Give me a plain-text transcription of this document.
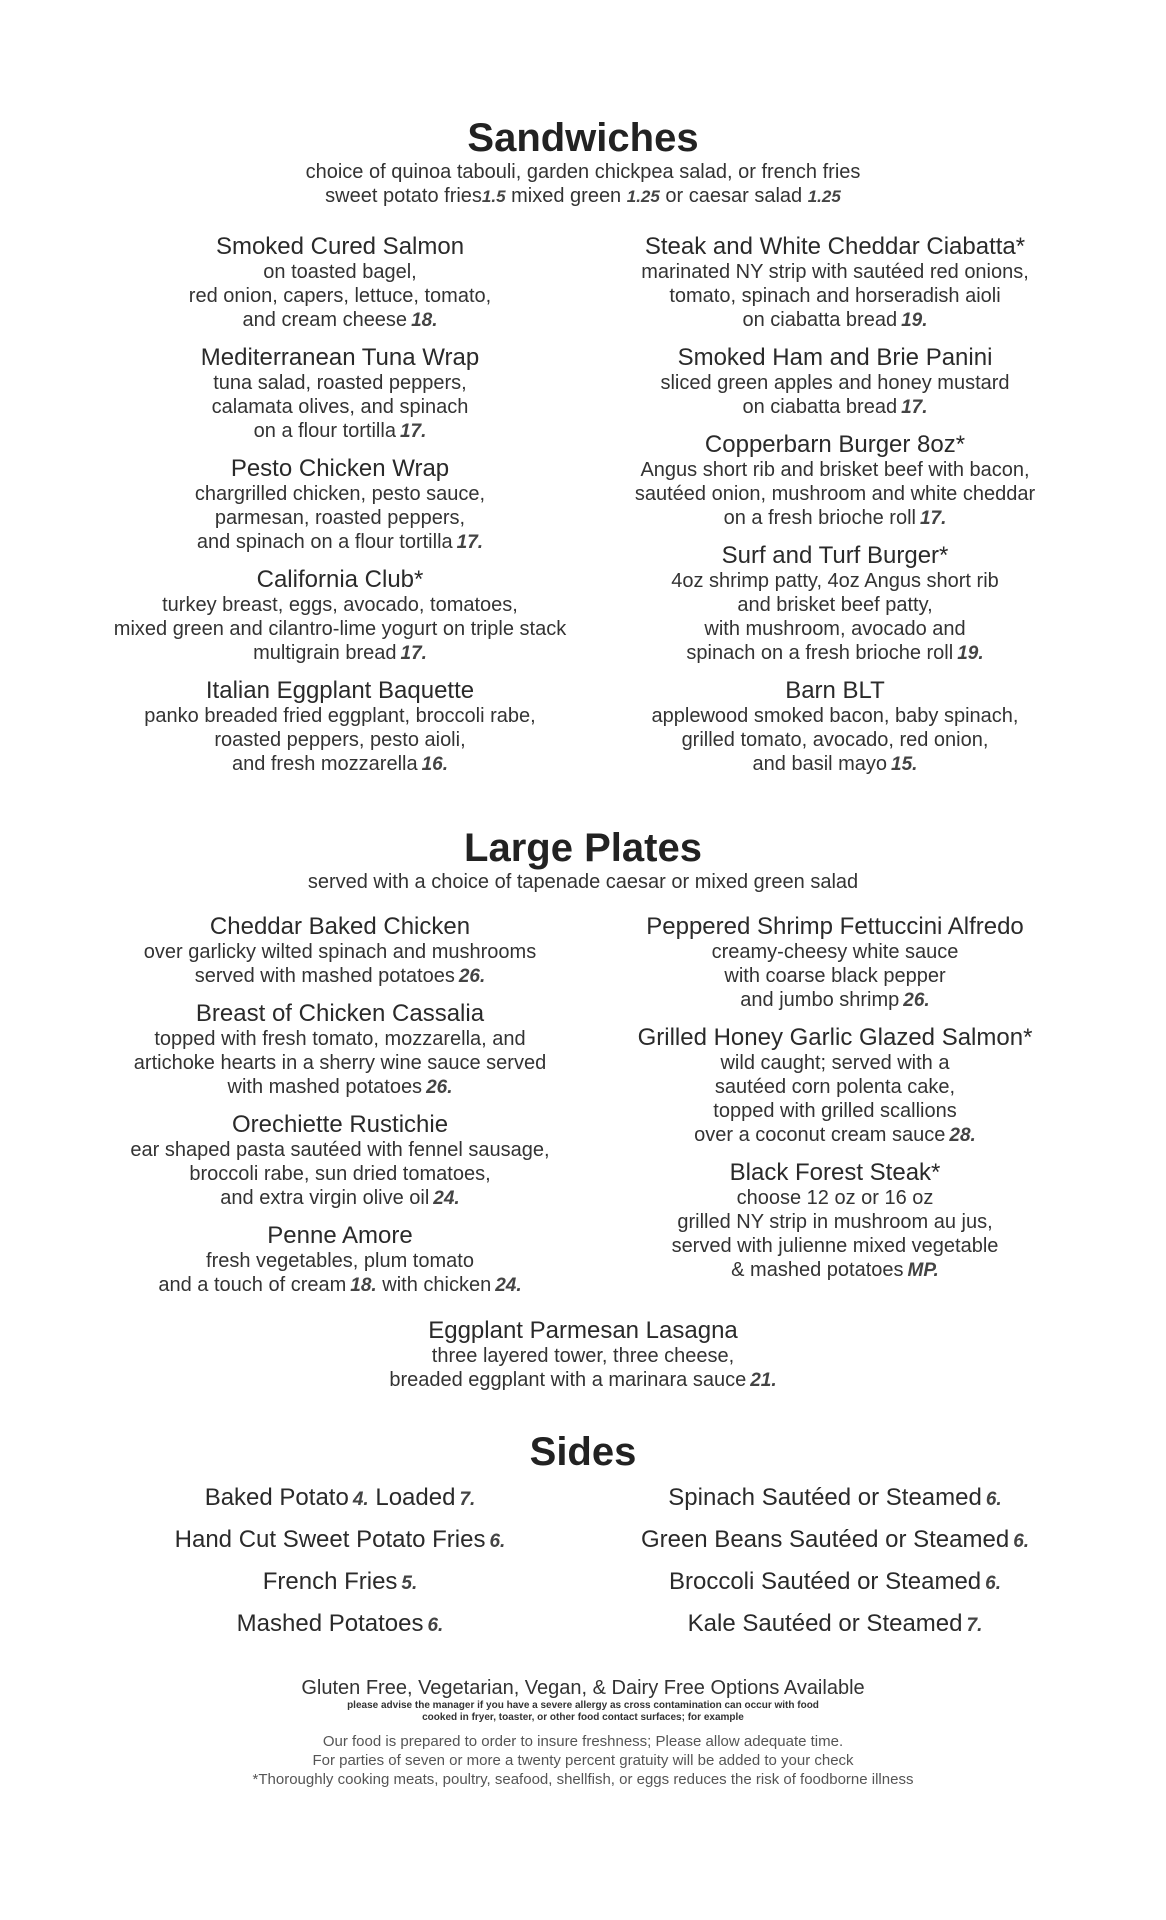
Sandwiches
choice of quinoa tabouli, garden chickpea salad, or french fries
sweet potato fries1.5 mixed green 1.25 or caesar salad 1.25
Smoked Cured Salmon
on toasted bagel,
red onion, capers, lettuce, tomato,
and cream cheese 18.
Mediterranean Tuna Wrap
tuna salad, roasted peppers,
calamata olives, and spinach
on a flour tortilla 17.
Pesto Chicken Wrap
chargrilled chicken, pesto sauce,
parmesan, roasted peppers,
and spinach on a flour tortilla 17.
California Club*
turkey breast, eggs, avocado, tomatoes,
mixed green and cilantro-lime yogurt on triple stack
multigrain bread 17.
Italian Eggplant Baquette
panko breaded fried eggplant, broccoli rabe,
roasted peppers, pesto aioli,
and fresh mozzarella 16.
Steak and White Cheddar Ciabatta*
marinated NY strip with sautéed red onions,
tomato, spinach and horseradish aioli
on ciabatta bread 19.
Smoked Ham and Brie Panini
sliced green apples and honey mustard
on ciabatta bread 17.
Copperbarn Burger 8oz*
Angus short rib and brisket beef with bacon,
sautéed onion, mushroom and white cheddar
on a fresh brioche roll 17.
Surf and Turf Burger*
4oz shrimp patty, 4oz Angus short rib
and brisket beef patty,
with mushroom, avocado and
spinach on a fresh brioche roll 19.
Barn BLT
applewood smoked bacon, baby spinach,
grilled tomato, avocado, red onion,
and basil mayo 15.
Large Plates
served with a choice of tapenade caesar or mixed green salad
Cheddar Baked Chicken
over garlicky wilted spinach and mushrooms
served with mashed potatoes 26.
Breast of Chicken Cassalia
topped with fresh tomato, mozzarella, and
artichoke hearts in a sherry wine sauce served
with mashed potatoes 26.
Orechiette Rustichie
ear shaped pasta sautéed with fennel sausage,
broccoli rabe, sun dried tomatoes,
and extra virgin olive oil 24.
Penne Amore
fresh vegetables, plum tomato
and a touch of cream 18. with chicken 24.
Peppered Shrimp Fettuccini Alfredo
creamy-cheesy white sauce
with coarse black pepper
and jumbo shrimp 26.
Grilled Honey Garlic Glazed Salmon*
wild caught; served with a
sautéed corn polenta cake,
topped with grilled scallions
over a coconut cream sauce 28.
Black Forest Steak*
choose 12 oz or 16 oz
grilled NY strip in mushroom au jus,
served with julienne mixed vegetable
& mashed potatoes MP.
Eggplant Parmesan Lasagna
three layered tower, three cheese,
breaded eggplant with a marinara sauce 21.
Sides
Baked Potato 4. Loaded 7.
Hand Cut Sweet Potato Fries 6.
French Fries 5.
Mashed Potatoes 6.
Spinach Sautéed or Steamed 6.
Green Beans Sautéed or Steamed 6.
Broccoli Sautéed or Steamed 6.
Kale Sautéed or Steamed 7.
Gluten Free, Vegetarian, Vegan, & Dairy Free Options Available
please advise the manager if you have a severe allergy as cross contamination can occur with food
cooked in fryer, toaster, or other food contact surfaces; for example
Our food is prepared to order to insure freshness; Please allow adequate time.
For parties of seven or more a twenty percent gratuity will be added to your check
*Thoroughly cooking meats, poultry, seafood, shellfish, or eggs reduces the risk of foodborne illness
